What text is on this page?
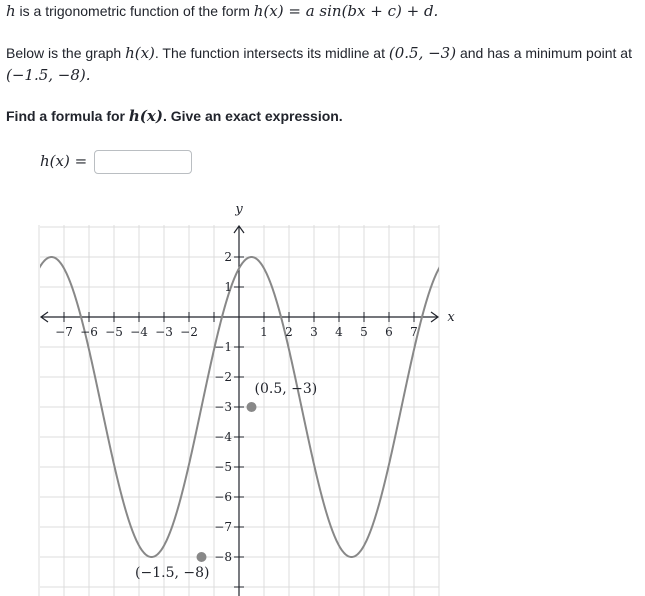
h is a trigonometric function of the form h(x) = a sin(bx + c) + d.
Below is the graph h(x). The function intersects its midline at (0.5, −3) and has a minimum point at
(−1.5, −8).
Find a formula for h(x). Give an exact expression.
h(x) =
−7 −6 −5 −4 −3 −2	1 2 3 4 5 6 7
2
1
−1
−2
−3
−4
−5
−6
−7
−8
x
y
(0.5, −3)
(−1.5, −8)
